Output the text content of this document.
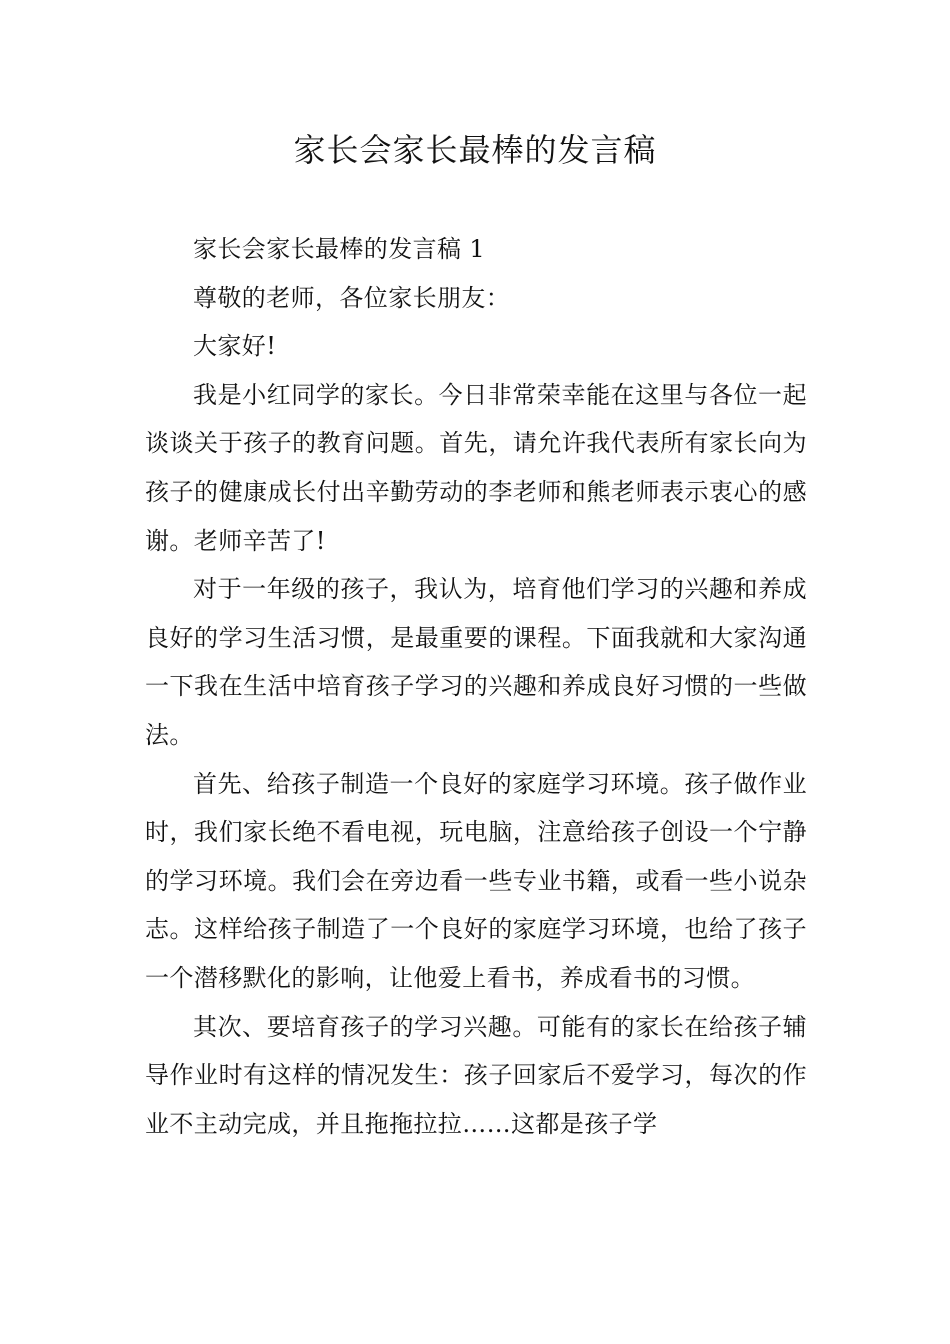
家长会家长最棒的发言稿

家长会家长最棒的发言稿 1

尊敬的老师，各位家长朋友：

大家好!

我是小红同学的家长。今日非常荣幸能在这里与各位一起谈谈关于孩子的教育问题。首先，请允许我代表所有家长向为孩子的健康成长付出辛勤劳动的李老师和熊老师表示衷心的感谢。老师辛苦了!

对于一年级的孩子，我认为，培育他们学习的兴趣和养成良好的学习生活习惯，是最重要的课程。下面我就和大家沟通一下我在生活中培育孩子学习的兴趣和养成良好习惯的一些做法。

首先、给孩子制造一个良好的家庭学习环境。孩子做作业时，我们家长绝不看电视，玩电脑，注意给孩子创设一个宁静的学习环境。我们会在旁边看一些专业书籍，或看一些小说杂志。这样给孩子制造了一个良好的家庭学习环境，也给了孩子一个潜移默化的影响，让他爱上看书，养成看书的习惯。

其次、要培育孩子的学习兴趣。可能有的家长在给孩子辅导作业时有这样的情况发生：孩子回家后不爱学习，每次的作业不主动完成，并且拖拖拉拉……这都是孩子学
